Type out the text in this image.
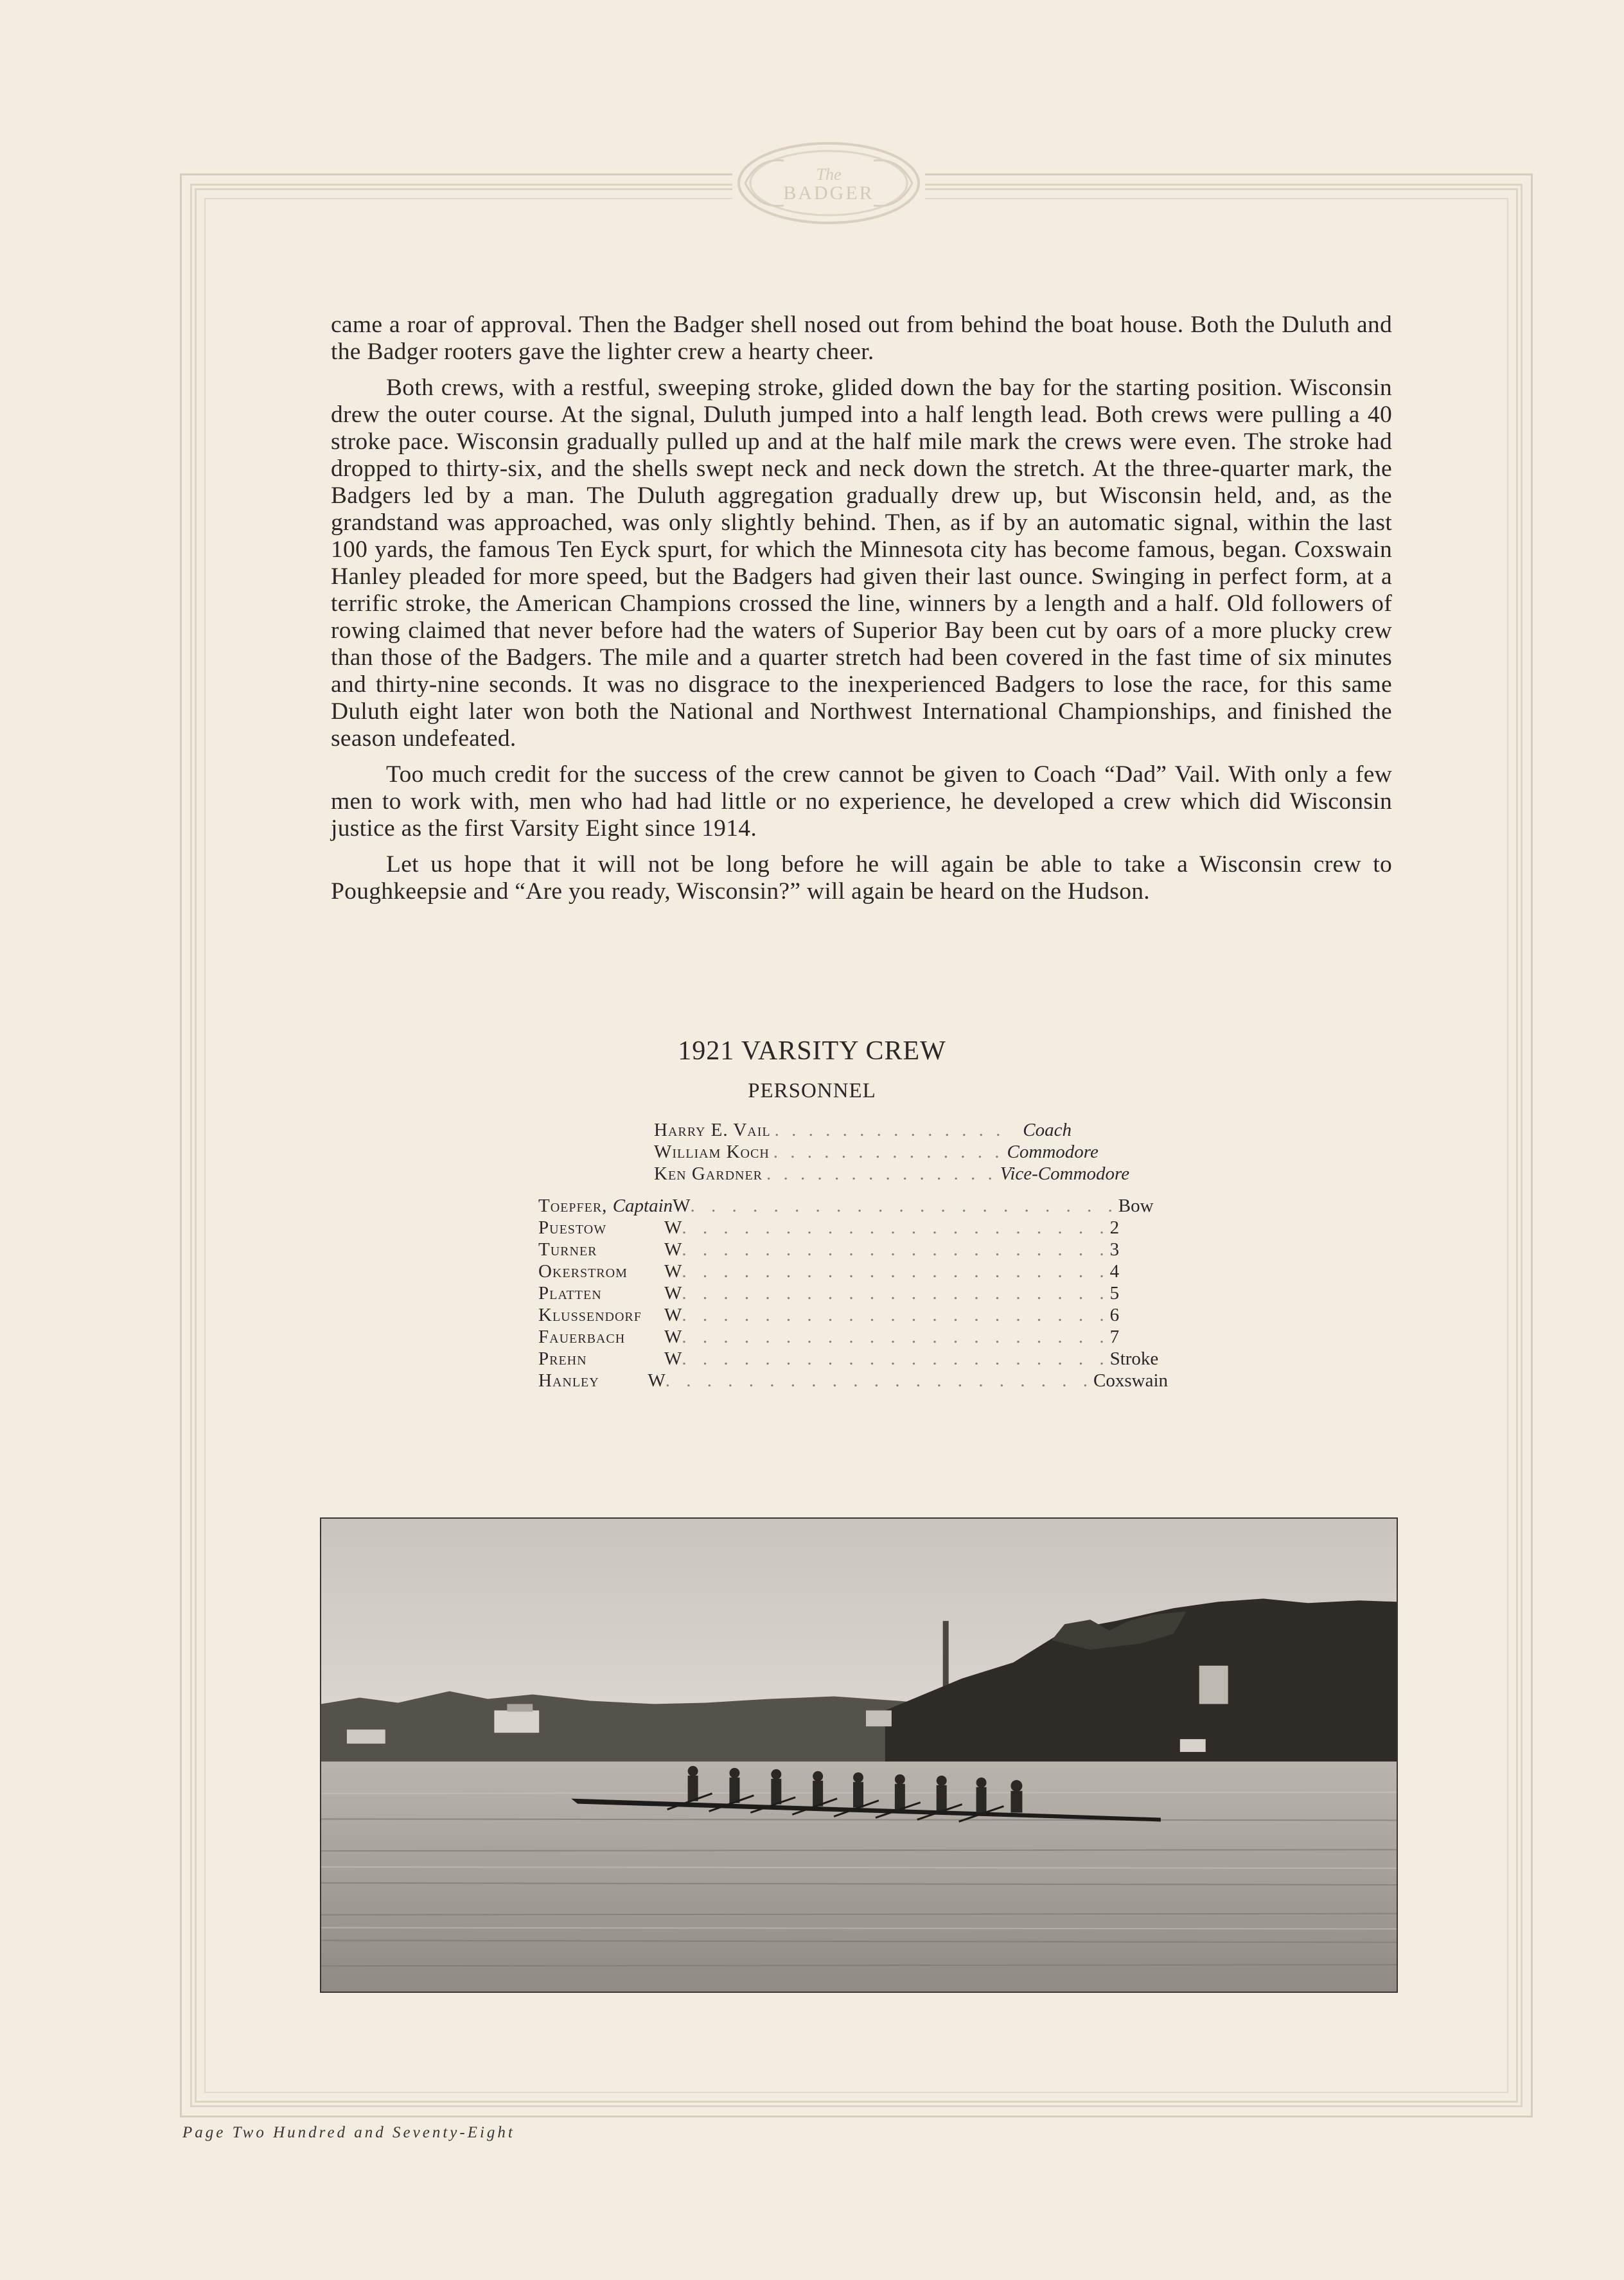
The
BADGER

came a roar of approval. Then the Badger shell nosed out from behind the boat house. Both the Duluth and the Badger rooters gave the lighter crew a hearty cheer.

Both crews, with a restful, sweeping stroke, glided down the bay for the starting position. Wisconsin drew the outer course. At the signal, Duluth jumped into a half length lead. Both crews were pulling a 40 stroke pace. Wisconsin gradually pulled up and at the half mile mark the crews were even. The stroke had dropped to thirty-six, and the shells swept neck and neck down the stretch. At the three-quarter mark, the Badgers led by a man. The Duluth aggregation gradually drew up, but Wisconsin held, and, as the grandstand was approached, was only slightly behind. Then, as if by an automatic signal, within the last 100 yards, the famous Ten Eyck spurt, for which the Minnesota city has become famous, began. Coxswain Hanley pleaded for more speed, but the Badgers had given their last ounce. Swinging in perfect form, at a terrific stroke, the American Champions crossed the line, winners by a length and a half. Old followers of rowing claimed that never before had the waters of Superior Bay been cut by oars of a more plucky crew than those of the Badgers. The mile and a quarter stretch had been covered in the fast time of six minutes and thirty-nine seconds. It was no disgrace to the inexperienced Badgers to lose the race, for this same Duluth eight later won both the National and Northwest International Championships, and finished the season undefeated.

Too much credit for the success of the crew cannot be given to Coach “Dad” Vail. With only a few men to work with, men who had had little or no experience, he developed a crew which did Wisconsin justice as the first Varsity Eight since 1914.

Let us hope that it will not be long before he will again be able to take a Wisconsin crew to Poughkeepsie and “Are you ready, Wisconsin?” will again be heard on the Hudson.

1921 VARSITY CREW
PERSONNEL
Harry E. Vail . . . . . . . . . . . . . . Coach
William Koch . . . . . . . . . . . . . . Commodore
Ken Gardner . . . . . . . . . . . . . . Vice-Commodore
Toepfer, Captain W . . . . . . . . . . . . . . . . . . . . . Bow
Puestow	W . . . . . . . . . . . . . . . . . . . . . 2
Turner	W . . . . . . . . . . . . . . . . . . . . . 3
Okerstrom	W . . . . . . . . . . . . . . . . . . . . . 4
Platten	W . . . . . . . . . . . . . . . . . . . . . 5
Klussendorf	W . . . . . . . . . . . . . . . . . . . . . 6
Fauerbach	W . . . . . . . . . . . . . . . . . . . . . 7
Prehn	W . . . . . . . . . . . . . . . . . . . . . Stroke
Hanley	W . . . . . . . . . . . . . . . . . . . . . Coxswain
Page Two Hundred and Seventy-Eight
